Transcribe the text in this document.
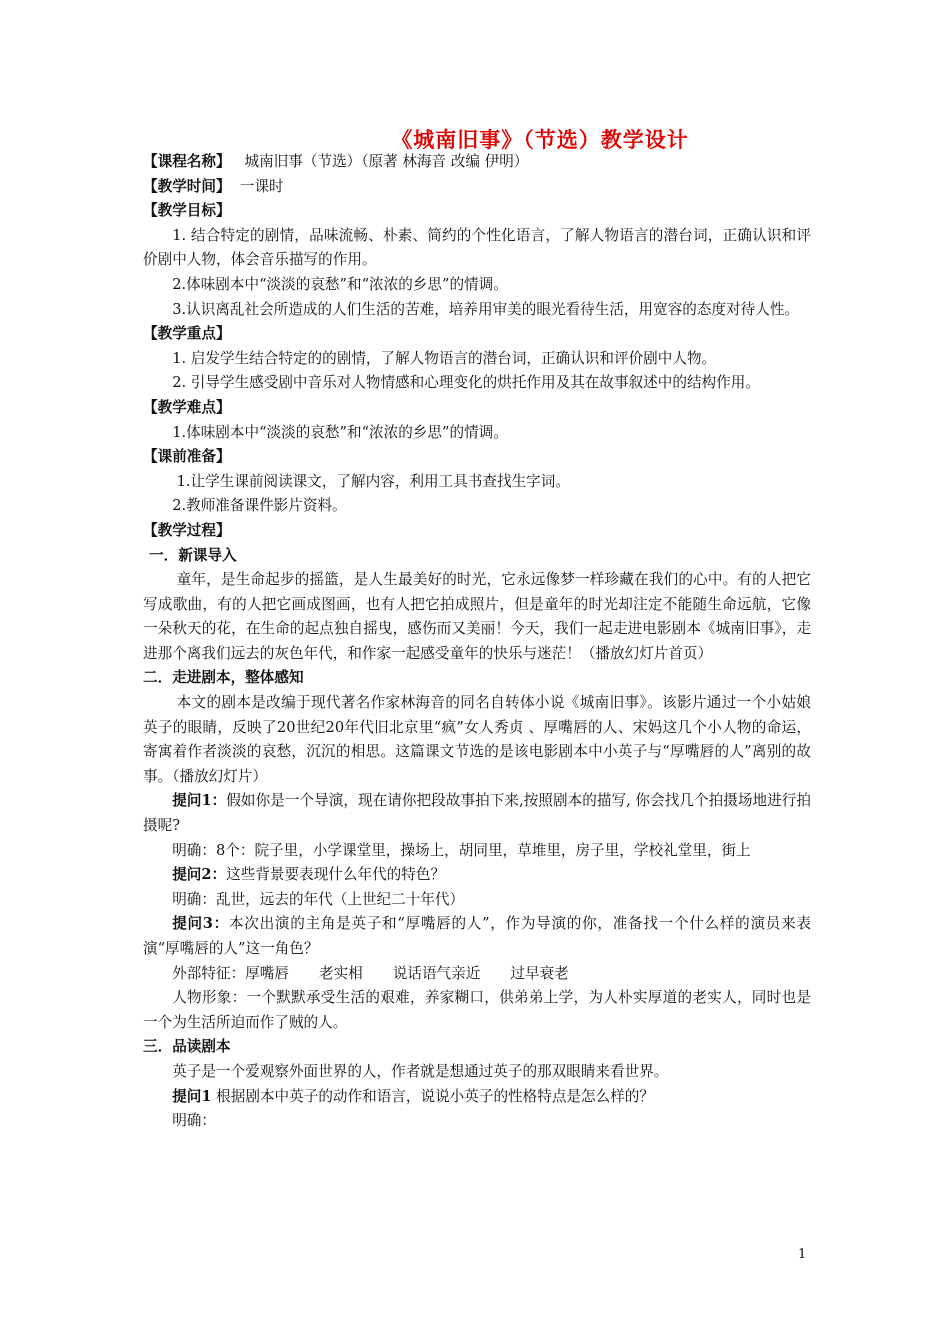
《城南旧事》（节选）教学设计

【课程名称】 城南旧事（节选）（原著 林海音 改编 伊明）

【教学时间】 一课时

【教学目标】

1. 结合特定的剧情，品味流畅、朴素、简约的个性化语言，了解人物语言的潜台词，正确认识和评价剧中人物，体会音乐描写的作用。

2.体味剧本中“淡淡的哀愁”和“浓浓的乡思”的情调。

3.认识离乱社会所造成的人们生活的苦难，培养用审美的眼光看待生活，用宽容的态度对待人性。

【教学重点】

1. 启发学生结合特定的的剧情，了解人物语言的潜台词，正确认识和评价剧中人物。

2. 引导学生感受剧中音乐对人物情感和心理变化的烘托作用及其在故事叙述中的结构作用。

【教学难点】

1.体味剧本中“淡淡的哀愁”和“浓浓的乡思”的情调。

【课前准备】

1.让学生课前阅读课文，了解内容，利用工具书查找生字词。

2.教师准备课件影片资料。

【教学过程】

一．新课导入

童年，是生命起步的摇篮，是人生最美好的时光，它永远像梦一样珍藏在我们的心中。有的人把它写成歌曲，有的人把它画成图画，也有人把它拍成照片，但是童年的时光却注定不能随生命远航，它像一朵秋天的花，在生命的起点独自摇曳，感伤而又美丽！今天，我们一起走进电影剧本《城南旧事》，走进那个离我们远去的灰色年代，和作家一起感受童年的快乐与迷茫！（播放幻灯片首页）

二．走进剧本，整体感知

本文的剧本是改编于现代著名作家林海音的同名自转体小说《城南旧事》。该影片通过一个小姑娘英子的眼睛，反映了20世纪20年代旧北京里“疯”女人秀贞 、厚嘴唇的人、宋妈这几个小人物的命运，寄寓着作者淡淡的哀愁，沉沉的相思。这篇课文节选的是该电影剧本中小英子与“厚嘴唇的人”离别的故事。（播放幻灯片）

提问1：假如你是一个导演，现在请你把段故事拍下来,按照剧本的描写, 你会找几个拍摄场地进行拍摄呢?

明确：8个：院子里，小学课堂里，操场上，胡同里，草堆里，房子里，学校礼堂里，街上

提问2：这些背景要表现什么年代的特色？

明确：乱世，远去的年代（上世纪二十年代）

提问3：本次出演的主角是英子和“厚嘴唇的人”，作为导演的你，准备找一个什么样的演员来表演“厚嘴唇的人”这一角色？

外部特征：厚嘴唇 老实相 说话语气亲近 过早衰老

人物形象：一个默默承受生活的艰难，养家糊口，供弟弟上学，为人朴实厚道的老实人，同时也是一个为生活所迫而作了贼的人。

三．品读剧本

英子是一个爱观察外面世界的人，作者就是想通过英子的那双眼睛来看世界。

提问1 根据剧本中英子的动作和语言，说说小英子的性格特点是怎么样的？

明确：

1
